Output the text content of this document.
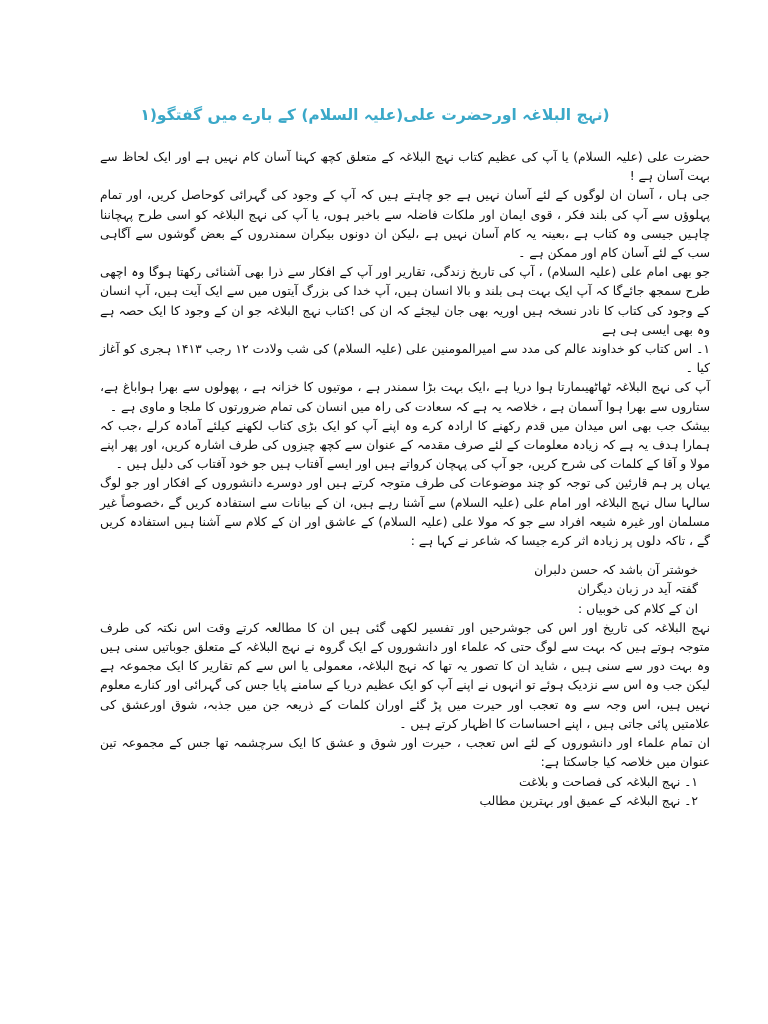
(نہج البلاغہ اورحضرت علی(علیہ السلام) کے بارے میں گفتگو(۱

حضرت علی (علیہ السلام) یا آپ کی عظیم کتاب نہج البلاغہ کے متعلق کچھ کہنا آسان کام نہیں ہے اور ایک لحاظ سے بہت آسان ہے !

جی ہاں ، آسان ان لوگوں کے لئے آسان نہیں ہے جو چاہتے ہیں کہ آپ کے وجود کی گہرائی کوحاصل کریں، اور تمام پہلوؤں سے آپ کی بلند فکر ، قوی ایمان اور ملکات فاضلہ سے باخبر ہوں، یا آپ کی نہج البلاغہ کو اسی طرح پہچاننا چاہیں جیسی وہ کتاب ہے ،بعینہ یہ کام آسان نہیں ہے ،لیکن ان دونوں بیکران سمندروں کے بعض گوشوں سے آگاہی سب کے لئے آسان کام اور ممکن ہے ۔

جو بھی امام علی (علیہ السلام) ، آپ کی تاریخ زندگی، تقاریر اور آپ کے افکار سے ذرا بھی آشنائی رکھتا ہوگا وہ اچھی طرح سمجھ جائےگا کہ آپ ایک بہت ہی بلند و بالا انسان ہیں، آپ خدا کی بزرگ آیتوں میں سے ایک آیت ہیں، آپ انسان کے وجود کی کتاب کا نادر نسخہ ہیں اوریہ بھی جان لیجئے کہ ان کی !کتاب نہج البلاغہ جو ان کے وجود کا ایک حصہ ہے وہ بھی ایسی ہی ہے

۱۔ اس کتاب کو خداوند عالم کی مدد سے امیرالمومنین علی (علیہ السلام) کی شب ولادت ۱۲ رجب ۱۴۱۳ ہجری کو آغاز کیا ۔

آپ کی نہج البلاغہ ٹھاٹھیںمارتا ہوا دریا ہے ،ایک بہت بڑا سمندر ہے ، موتیوں کا خزانہ ہے ، پھولوں سے بھرا ہواباغ ہے، ستاروں سے بھرا ہوا آسمان ہے ، خلاصہ یہ ہے کہ سعادت کی راہ میں انسان کی تمام ضرورتوں کا ملجا و ماوی ہے ۔

بیشک جب بھی اس میدان میں قدم رکھنے کا ارادہ کرے وہ اپنے آپ کو ایک بڑی کتاب لکھنے کیلئے آمادہ کرلے ،جب کہ ہمارا ہدف یہ ہے کہ زیادہ معلومات کے لئے صرف مقدمہ کے عنوان سے کچھ چیزوں کی طرف اشارہ کریں، اور پھر اپنے مولا و آقا کے کلمات کی شرح کریں، جو آپ کی پہچان کرواتے ہیں اور ایسے آفتاب ہیں جو خود آفتاب کی دلیل ہیں ۔

یہاں پر ہم قارئین کی توجہ کو چند موضوعات کی طرف متوجہ کرتے ہیں اور دوسرے دانشوروں کے افکار اور جو لوگ سالہا سال نہج البلاغہ اور امام علی (علیہ السلام) سے آشنا رہے ہیں، ان کے بیانات سے استفادہ کریں گے ،خصوصاً غیر مسلمان اور غیرہ شیعہ افراد سے جو کہ مولا علی (علیہ السلام) کے عاشق اور ان کے کلام سے آشنا ہیں استفادہ کریں گے ، تاکہ دلوں پر زیادہ اثر کرے جیسا کہ شاعر نے کہا ہے :

خوشتر آن باشد کہ حسن دلبران

گفتہ آید در زبان دیگران

ان کے کلام کی خوبیاں :

نہج البلاغہ کی تاریخ اور اس کی جوشرحیں اور تفسیر لکھی گئی ہیں ان کا مطالعہ کرتے وقت اس نکتہ کی طرف متوجہ ہوتے ہیں کہ بہت سے لوگ حتی کہ علماء اور دانشوروں کے ایک گروہ نے نہج البلاغہ کے متعلق جوباتیں سنی ہیں وہ بہت دور سے سنی ہیں ، شاید ان کا تصور یہ تھا کہ نہج البلاغہ، معمولی یا اس سے کم تقاریر کا ایک مجموعہ ہے لیکن جب وہ اس سے نزدیک ہوئے تو انہوں نے اپنے آپ کو ایک عظیم دریا کے سامنے پایا جس کی گہرائی اور کنارے معلوم نہیں ہیں، اس وجہ سے وہ تعجب اور حیرت میں پڑ گئے اوران کلمات کے ذریعہ جن میں جذبہ، شوق اورعشق کی علامتیں پائی جاتی ہیں ، اپنے احساسات کا اظہار کرتے ہیں ۔

ان تمام علماء اور دانشوروں کے لئے اس تعجب ، حیرت اور شوق و عشق کا ایک سرچشمہ تھا جس کے مجموعہ تین عنوان میں خلاصہ کیا جاسکتا ہے:

۱۔ نہج البلاغہ کی فصاحت و بلاغت

۲۔ نہج البلاغہ کے عمیق اور بہترین مطالب
